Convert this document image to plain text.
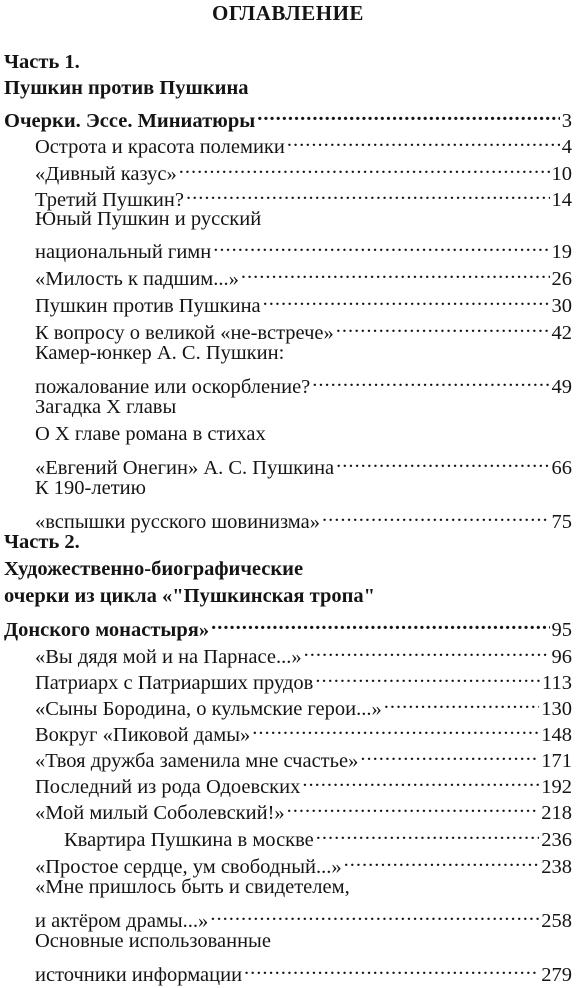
ОГЛАВЛЕНИЕ
Часть 1.
Пушкин против Пушкина
Очерки. Эссе. Миниатюры .....	3
Острота и красота полемики .....	4
«Дивный казус» .....	10
Третий Пушкин? .....	14
Юный Пушкин и русский
национальный гимн .....	19
«Милость к падшим...» .....	26
Пушкин против Пушкина .....	30
К вопросу о великой «не-встрече» .....	42
Камер-юнкер А. С. Пушкин:
пожалование или оскорбление? .....	49
Загадка Х главы
О Х главе романа в стихах
«Евгений Онегин» А. С. Пушкина .....	66
К 190-летию
«вспышки русского шовинизма» .....	75
Часть 2.
Художественно-биографические
очерки из цикла «"Пушкинская тропа"
Донского монастыря» .....	95
«Вы дядя мой и на Парнасе...» .....	96
Патриарх с Патриарших прудов .....	113
«Сыны Бородина, о кульмские герои...» .....	130
Вокруг «Пиковой дамы» .....	148
«Твоя дружба заменила мне счастье» .....	171
Последний из рода Одоевских .....	192
«Мой милый Соболевский!» .....	218
Квартира Пушкина в москве .....	236
«Простое сердце, ум свободный...» .....	238
«Мне пришлось быть и свидетелем,
и актёром драмы...» .....	258
Основные использованные
источники информации .....	279
